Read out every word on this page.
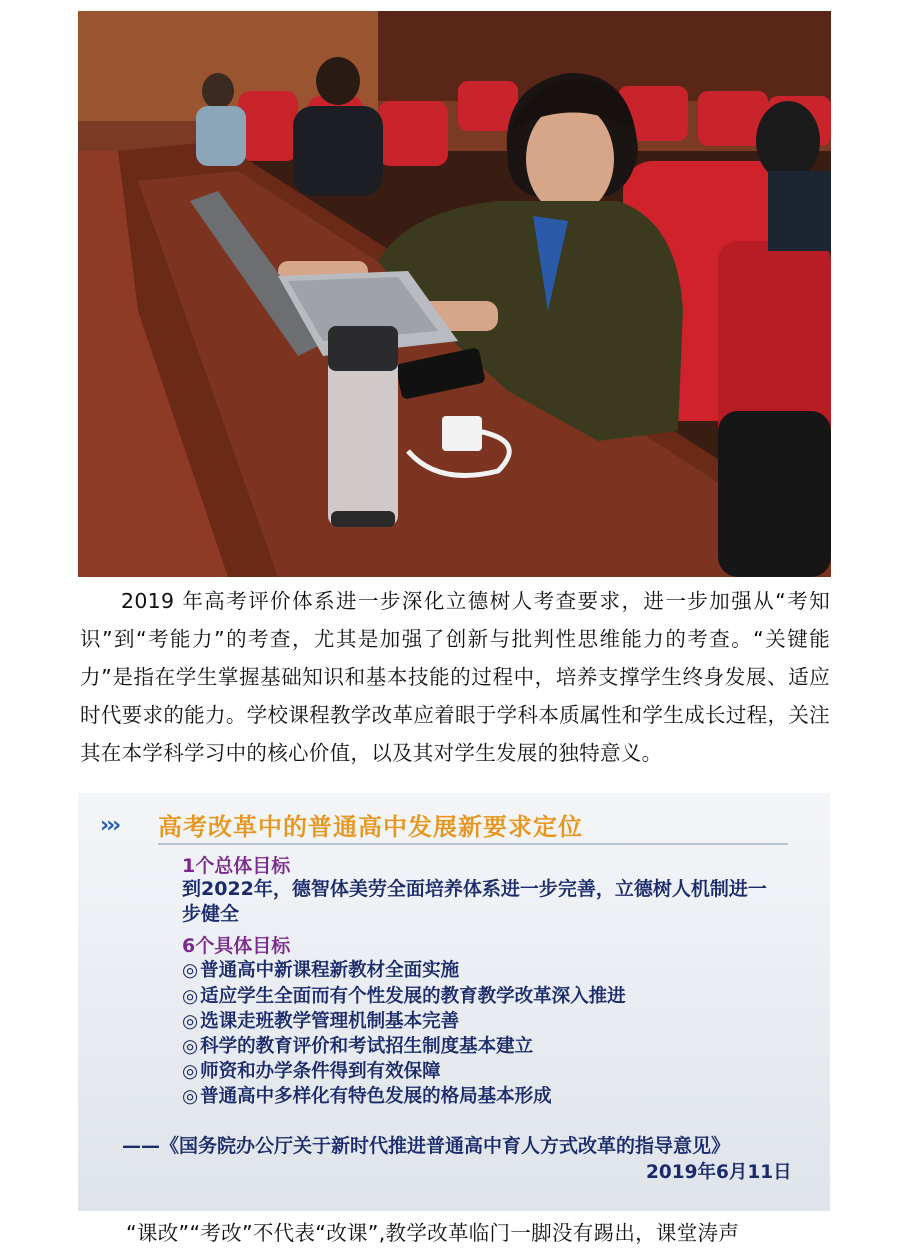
2019 年高考评价体系进一步深化立德树人考查要求，进一步加强从“考知识”到“考能力”的考查，尤其是加强了创新与批判性思维能力的考查。“关键能力”是指在学生掌握基础知识和基本技能的过程中，培养支撑学生终身发展、适应时代要求的能力。学校课程教学改革应着眼于学科本质属性和学生成长过程，关注其在本学科学习中的核心价值，以及其对学生发展的独特意义。

››› 高考改革中的普通高中发展新要求定位
1个总体目标
到2022年，德智体美劳全面培养体系进一步完善，立德树人机制进一步健全
6个具体目标
◎ 普通高中新课程新教材全面实施
◎ 适应学生全面而有个性发展的教育教学改革深入推进
◎ 选课走班教学管理机制基本完善
◎ 科学的教育评价和考试招生制度基本建立
◎ 师资和办学条件得到有效保障
◎ 普通高中多样化有特色发展的格局基本形成
——《国务院办公厅关于新时代推进普通高中育人方式改革的指导意见》
2019年6月11日

“课改”“考改”不代表“改课”,教学改革临门一脚没有踢出，课堂涛声
